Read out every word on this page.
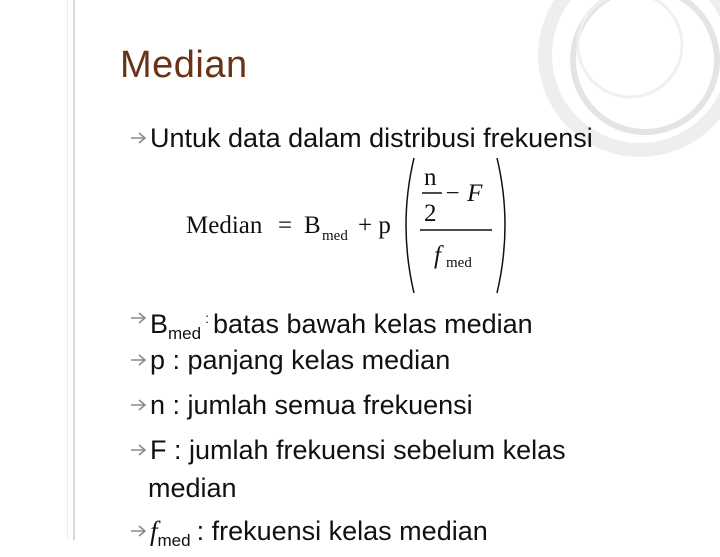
Median
Untuk data dalam distribusi frekuensi
Median = B med + p
n
2
− F
f med
$B_{med}^:$ batas bawah kelas median
p : panjang kelas median
n : jumlah semua frekuensi
F : jumlah frekuensi sebelum kelas
median
$f_{med}$ : frekuensi kelas median
